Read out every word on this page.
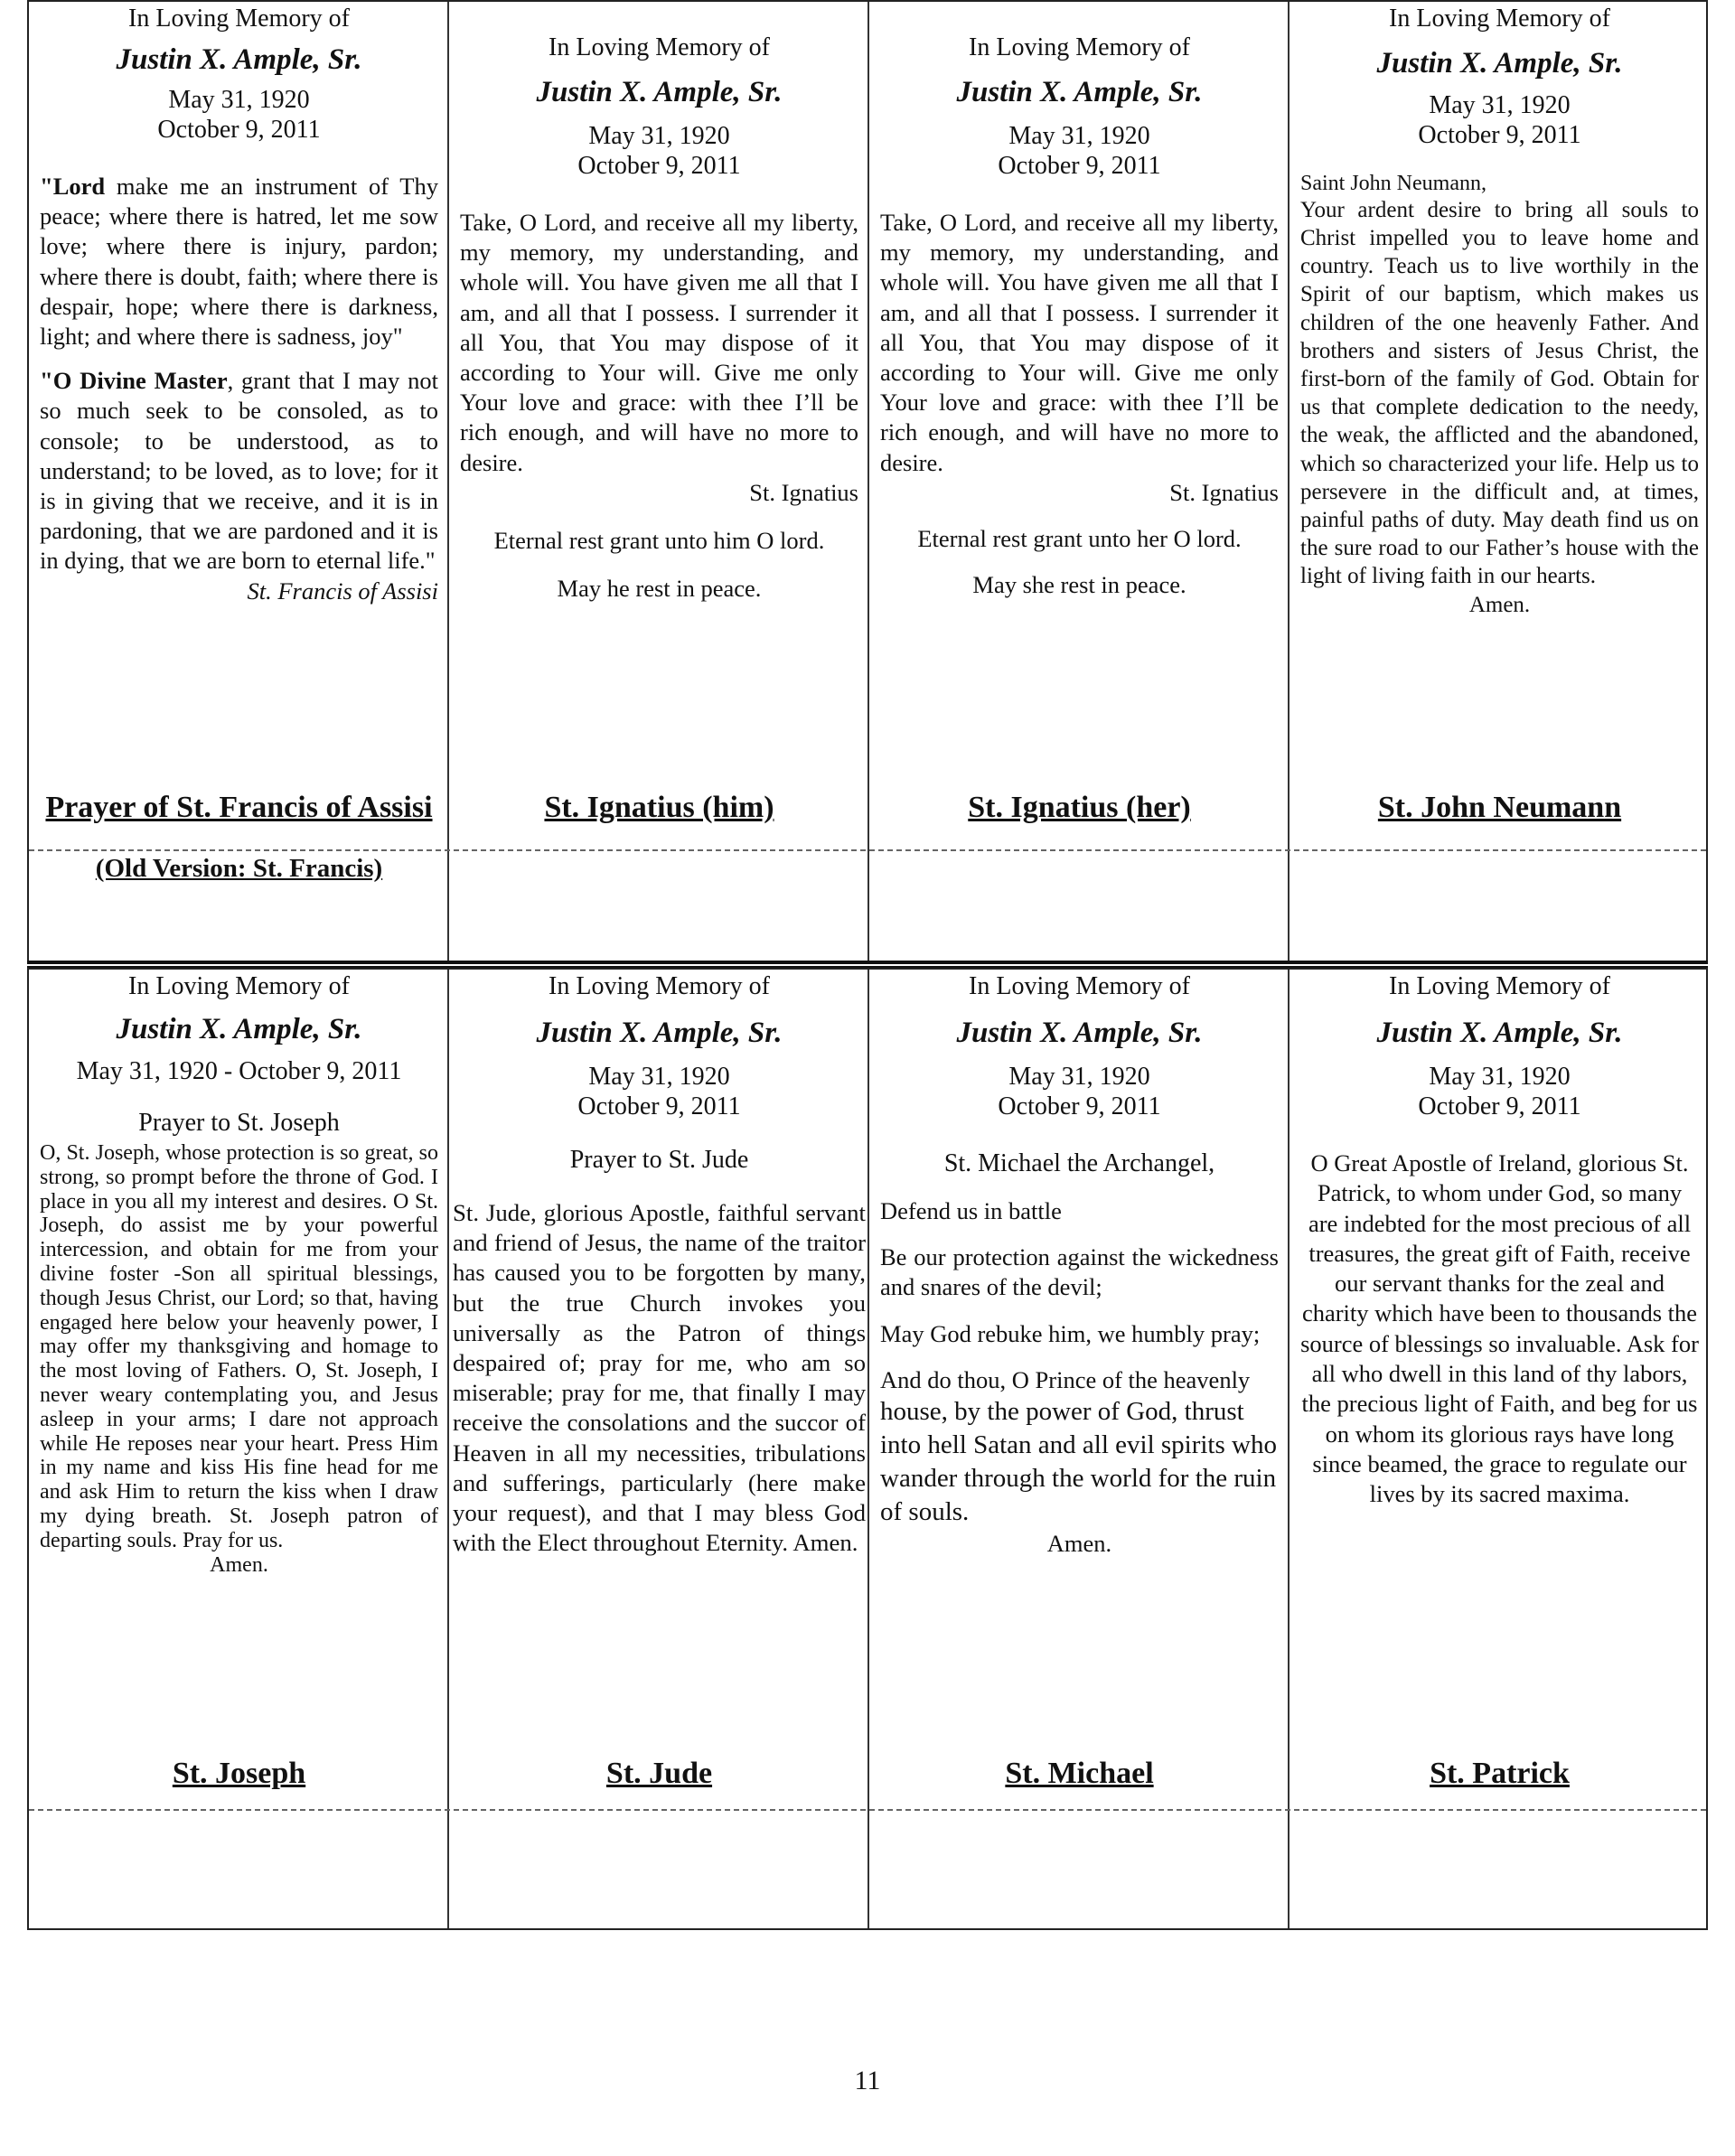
In Loving Memory of
Justin X. Ample, Sr.
May 31, 1920
October 9, 2011
"Lord make me an instrument of Thy peace; where there is hatred, let me sow love; where there is injury, pardon; where there is doubt, faith; where there is despair, hope; where there is darkness, light; and where there is sadness, joy"
"O Divine Master, grant that I may not so much seek to be consoled, as to console; to be understood, as to understand; to be loved, as to love; for it is in giving that we receive, and it is in pardoning, that we are pardoned and it is in dying, that we are born to eternal life."
St. Francis of Assisi
In Loving Memory of
Justin X. Ample, Sr.
May 31, 1920
October 9, 2011
Take, O Lord, and receive all my liberty, my memory, my understanding, and whole will. You have given me all that I am, and all that I possess. I surrender it all You, that You may dispose of it according to Your will. Give me only Your love and grace: with thee I’ll be rich enough, and will have no more to desire.
St. Ignatius
Eternal rest grant unto him O lord.
May he rest in peace.
In Loving Memory of
Justin X. Ample, Sr.
May 31, 1920
October 9, 2011
Take, O Lord, and receive all my liberty, my memory, my understanding, and whole will. You have given me all that I am, and all that I possess. I surrender it all You, that You may dispose of it according to Your will. Give me only Your love and grace: with thee I’ll be rich enough, and will have no more to desire.
St. Ignatius
Eternal rest grant unto her O lord.
May she rest in peace.
In Loving Memory of
Justin X. Ample, Sr.
May 31, 1920
October 9, 2011
Saint John Neumann,
Your ardent desire to bring all souls to Christ impelled you to leave home and country. Teach us to live worthily in the Spirit of our baptism, which makes us children of the one heavenly Father. And brothers and sisters of Jesus Christ, the first-born of the family of God. Obtain for us that complete dedication to the needy, the weak, the afflicted and the abandoned, which so characterized your life. Help us to persevere in the difficult and, at times, painful paths of duty. May death find us on the sure road to our Father’s house with the light of living faith in our hearts.
Amen.
Prayer of St. Francis of Assisi	St. Ignatius (him)	St. Ignatius (her)	St. John Neumann
(Old Version: St. Francis)
In Loving Memory of
Justin X. Ample, Sr.
May 31, 1920 - October 9, 2011
Prayer to St. Joseph
O, St. Joseph, whose protection is so great, so strong, so prompt before the throne of God. I place in you all my interest and desires. O St. Joseph, do assist me by your powerful intercession, and obtain for me from your divine foster -Son all spiritual blessings, though Jesus Christ, our Lord; so that, having engaged here below your heavenly power, I may offer my thanksgiving and homage to the most loving of Fathers. O, St. Joseph, I never weary contemplating you, and Jesus asleep in your arms; I dare not approach while He reposes near your heart. Press Him in my name and kiss His fine head for me and ask Him to return the kiss when I draw my dying breath. St. Joseph patron of departing souls. Pray for us.
Amen.
In Loving Memory of
Justin X. Ample, Sr.
May 31, 1920
October 9, 2011
Prayer to St. Jude
St. Jude, glorious Apostle, faithful servant and friend of Jesus, the name of the traitor has caused you to be forgotten by many, but the true Church invokes you universally as the Patron of things despaired of; pray for me, who am so miserable; pray for me, that finally I may receive the consolations and the succor of Heaven in all my necessities, tribulations and sufferings, particularly (here make your request), and that I may bless God with the Elect throughout Eternity. Amen.
In Loving Memory of
Justin X. Ample, Sr.
May 31, 1920
October 9, 2011
St. Michael the Archangel,
Defend us in battle
Be our protection against the wickedness and snares of the devil;
May God rebuke him, we humbly pray;
And do thou, O Prince of the heavenly
house, by the power of God, thrust into hell Satan and all evil spirits who wander through the world for the ruin of souls.
Amen.
In Loving Memory of
Justin X. Ample, Sr.
May 31, 1920
October 9, 2011
O Great Apostle of Ireland, glorious St. Patrick, to whom under God, so many are indebted for the most precious of all treasures, the great gift of Faith, receive our servant thanks for the zeal and charity which have been to thousands the source of blessings so invaluable. Ask for all who dwell in this land of thy labors, the precious light of Faith, and beg for us on whom its glorious rays have long since beamed, the grace to regulate our lives by its sacred maxima.
St. Joseph	St. Jude	St. Michael	St. Patrick
11
